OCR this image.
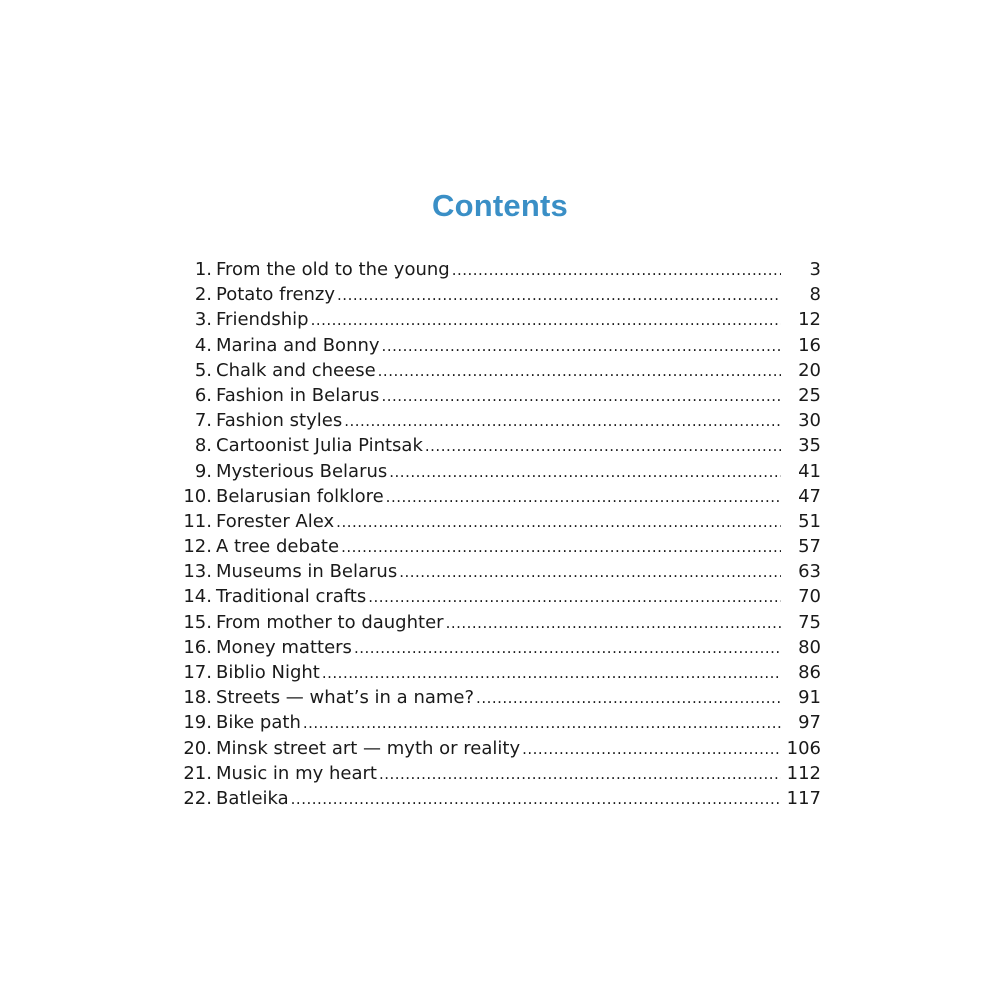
Contents
1. From the old to the young .....	3
2. Potato frenzy .....	8
3. Friendship .....	12
4. Marina and Bonny .....	16
5. Chalk and cheese .....	20
6. Fashion in Belarus .....	25
7. Fashion styles .....	30
8. Cartoonist Julia Pintsak .....	35
9. Mysterious Belarus .....	41
10. Belarusian folklore .....	47
11. Forester Alex .....	51
12. A tree debate .....	57
13. Museums in Belarus .....	63
14. Traditional crafts .....	70
15. From mother to daughter .....	75
16. Money matters .....	80
17. Biblio Night .....	86
18. Streets — what’s in a name? .....	91
19. Bike path .....	97
20. Minsk street art — myth or reality .....	106
21. Music in my heart .....	112
22. Batleika .....	117
